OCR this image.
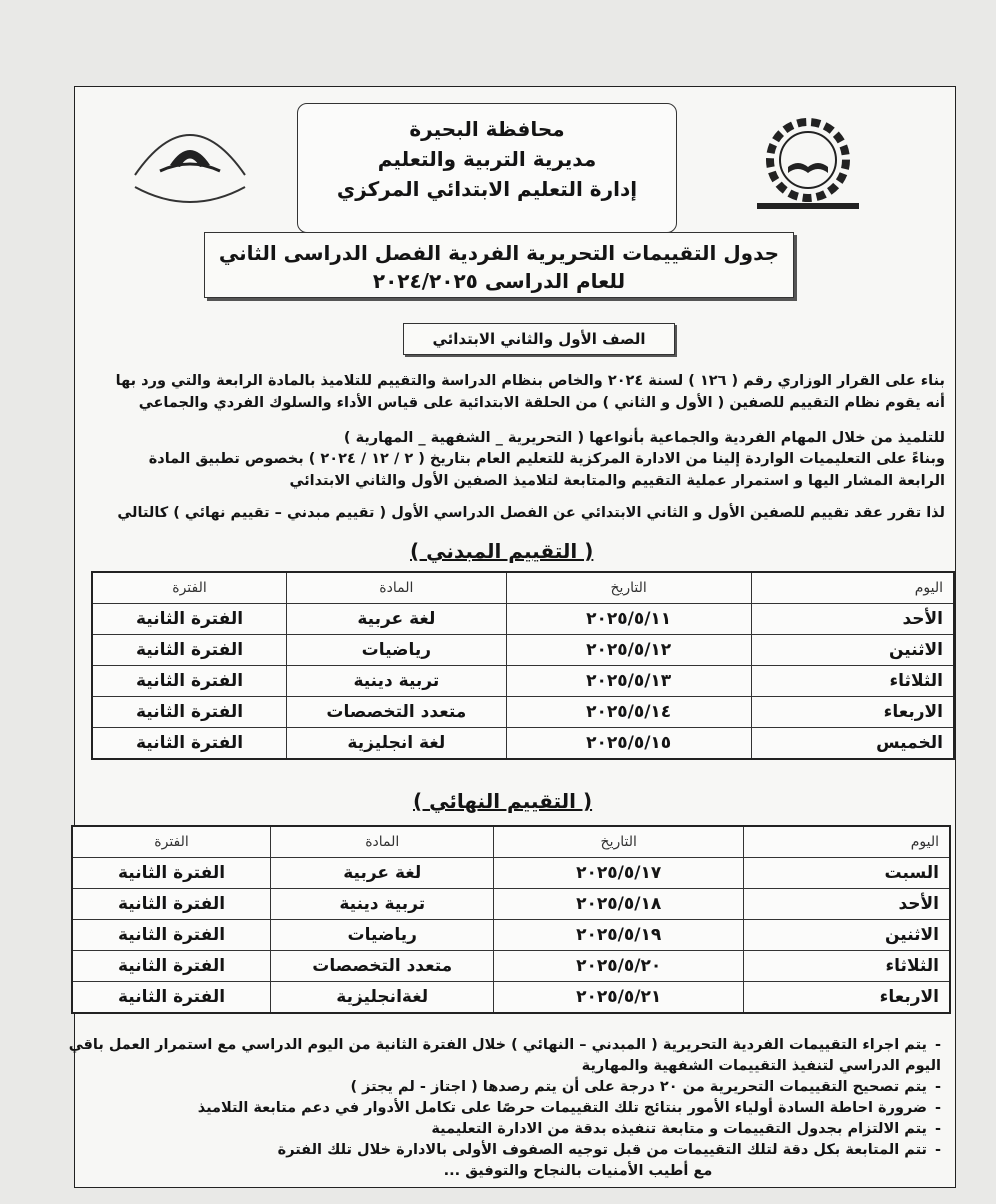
محافظة البحيرة
مديرية التربية والتعليم
إدارة التعليم الابتدائي المركزي
جدول التقييمات التحريرية الفردية الفصل الدراسى الثاني
للعام الدراسى ٢٠٢٤/٢٠٢٥
الصف الأول والثاني الابتدائي
بناء على القرار الوزاري رقم ( ١٢٦ ) لسنة ٢٠٢٤ والخاص بنظام الدراسة والتقييم للتلاميذ بالمادة الرابعة والتي ورد بها
أنه يقوم نظام التقييم للصفين ( الأول و الثاني ) من الحلقة الابتدائية على قياس الأداء والسلوك الفردي والجماعي
للتلميذ من خلال المهام الفردية والجماعية بأنواعها ( التحريرية _ الشفهية _ المهارية )
وبناءً على التعليميات الواردة إلينا من الادارة المركزية للتعليم العام بتاريخ ( ٢ / ١٢ / ٢٠٢٤ ) بخصوص تطبيق المادة
الرابعة المشار اليها و استمرار عملية التقييم والمتابعة لتلاميذ الصفين الأول والثاني الابتدائي
لذا تقرر عقد تقييم للصفين الأول و الثاني الابتدائي عن الفصل الدراسي الأول ( تقييم مبدني – تقييم نهائي ) كالتالي
( التقييم المبدني )
اليوم	التاريخ	المادة	الفترة
الأحد	٢٠٢٥/٥/١١	لغة عربية	الفترة الثانية
الاثنين	٢٠٢٥/٥/١٢	رياضيات	الفترة الثانية
الثلاثاء	٢٠٢٥/٥/١٣	تربية دينية	الفترة الثانية
الاربعاء	٢٠٢٥/٥/١٤	متعدد التخصصات	الفترة الثانية
الخميس	٢٠٢٥/٥/١٥	لغة انجليزية	الفترة الثانية
( التقييم النهائي )
اليوم	التاريخ	المادة	الفترة
السبت	٢٠٢٥/٥/١٧	لغة عربية	الفترة الثانية
الأحد	٢٠٢٥/٥/١٨	تربية دينية	الفترة الثانية
الاثنين	٢٠٢٥/٥/١٩	رياضيات	الفترة الثانية
الثلاثاء	٢٠٢٥/٥/٢٠	متعدد التخصصات	الفترة الثانية
الاربعاء	٢٠٢٥/٥/٢١	لغةانجليزية	الفترة الثانية
-يتم اجراء التقييمات الفردية التحريرية ( المبدني – النهائي ) خلال الفترة الثانية من اليوم الدراسي مع استمرار العمل باقي
اليوم الدراسي لتنفيذ التقييمات الشفهية والمهارية
-يتم تصحيح التقييمات التحريرية من ٢٠ درجة على أن يتم رصدها ( اجتاز - لم يجتز )
-ضرورة احاطة السادة أولياء الأمور بنتائج تلك التقييمات حرصًا على تكامل الأدوار في دعم متابعة التلاميذ
-يتم الالتزام بجدول التقييمات و متابعة تنفيذه بدقة من الادارة التعليمية
-تتم المتابعة بكل دقة لتلك التقييمات من قبل توجيه الصفوف الأولى بالادارة خلال تلك الفترة
مع أطيب الأمنيات بالنجاح والتوفيق ...
